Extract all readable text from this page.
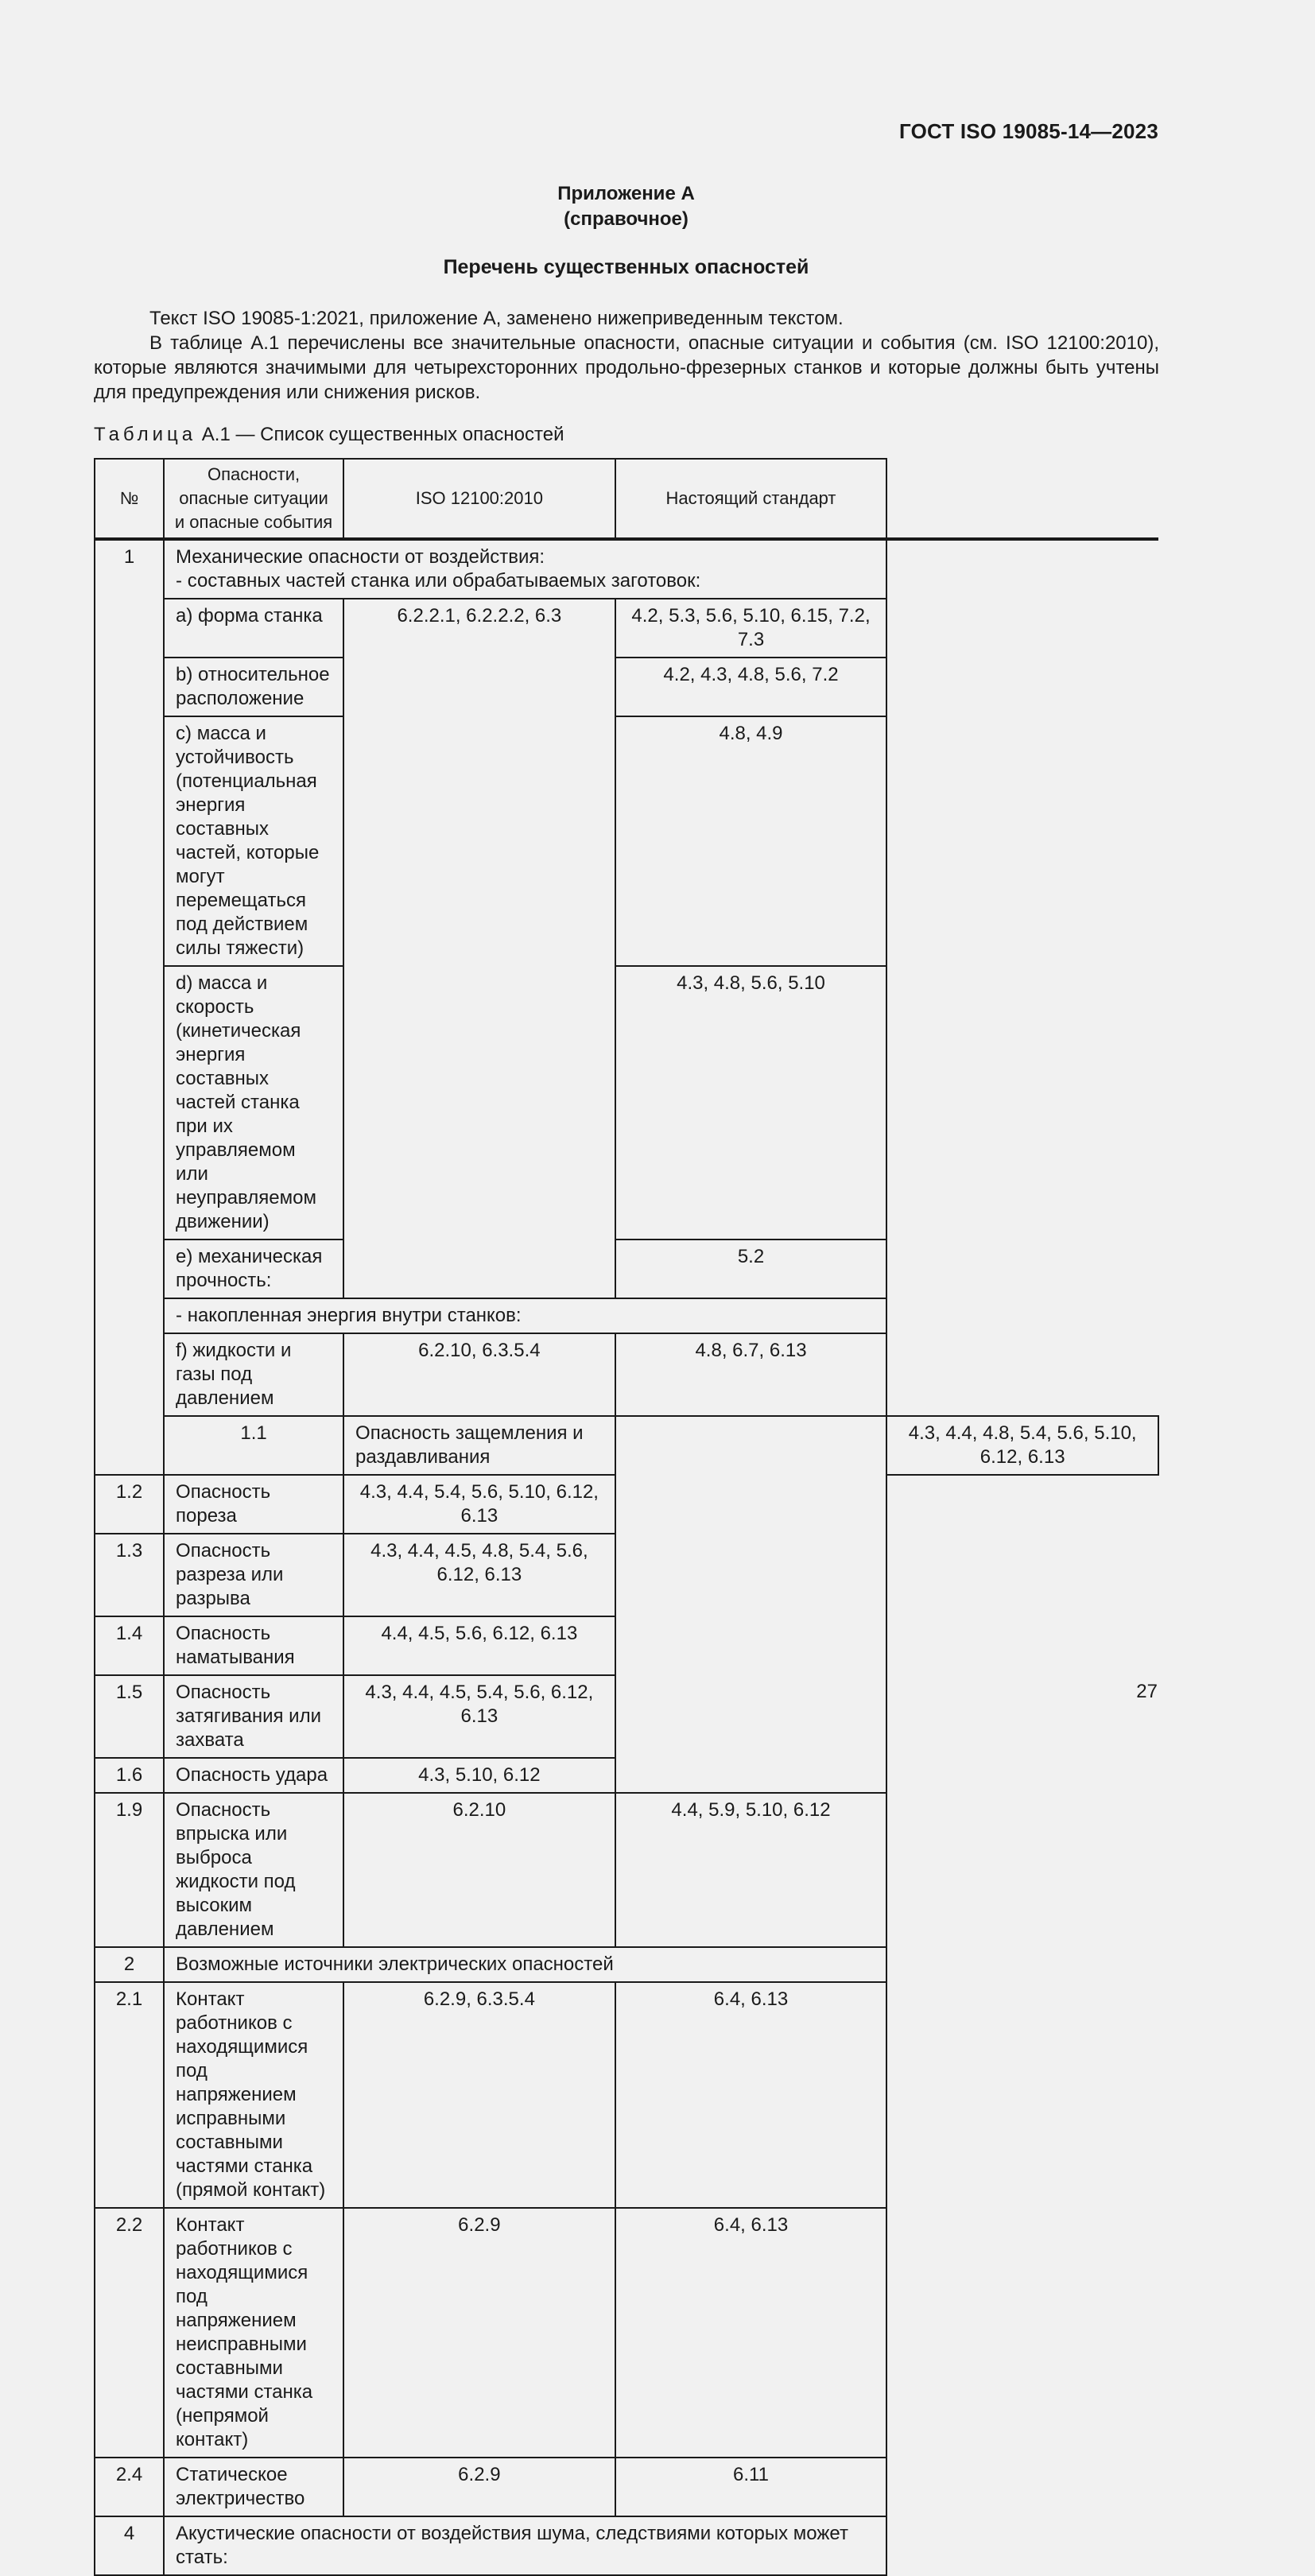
ГОСТ ISO 19085-14—2023
Приложение А
(справочное)
Перечень существенных опасностей

Текст ISO 19085-1:2021, приложение А, заменено нижеприведенным текстом.

В таблице А.1 перечислены все значительные опасности, опасные ситуации и события (см. ISO 12100:2010), которые являются значимыми для четырехсторонних продольно-фрезерных станков и которые должны быть учтены для предупреждения или снижения рисков.

Таблица А.1 — Список существенных опасностей
№	Опасности, опасные ситуации и опасные события	ISO 12100:2010	Настоящий стандарт	
1	Механические опасности от воздействия:
- составных частей станка или обрабатываемых заготовок:			

	а) форма станка	6.2.2.1, 6.2.2.2, 6.3	4.2, 5.3, 5.6, 5.10, 6.15, 7.2, 7.3	
	b) относительное расположение		4.2, 4.3, 4.8, 5.6, 7.2	
	с) масса и устойчивость (потенциальная энергия составных частей, которые могут перемещаться под действием силы тяжести)		4.8, 4.9	
	d) масса и скорость (кинетическая энергия составных частей станка при их управляемом или неуправляемом движении)		4.3, 4.8, 5.6, 5.10	
	е) механическая прочность:		5.2	
	- накопленная энергия внутри станков:			
	f) жидкости и газы под давлением	6.2.10, 6.3.5.4	4.8, 6.7, 6.13	
	1.1	Опасность защемления и раздавливания		4.3, 4.4, 4.8, 5.4, 5.6, 5.10, 6.12, 6.13
1.2	Опасность пореза	4.3, 4.4, 5.4, 5.6, 5.10, 6.12, 6.13		
1.3	Опасность разреза или разрыва	4.3, 4.4, 4.5, 4.8, 5.4, 5.6, 6.12, 6.13		
1.4	Опасность наматывания	4.4, 4.5, 5.6, 6.12, 6.13		
1.5	Опасность затягивания или захвата	4.3, 4.4, 4.5, 5.4, 5.6, 6.12, 6.13		
1.6	Опасность удара	4.3, 5.10, 6.12		
1.9	Опасность впрыска или выброса жидкости под высоким давлением	6.2.10	4.4, 5.9, 5.10, 6.12	
2	Возможные источники электрических опасностей			
2.1	Контакт работников с находящимися под напряжением исправными составными частями станка (прямой контакт)	6.2.9, 6.3.5.4	6.4, 6.13	
2.2	Контакт работников с находящимися под напряжением неисправными составными частями станка (непрямой контакт)	6.2.9	6.4, 6.13	
2.4	Статическое электричество	6.2.9	6.11	
4	Акустические опасности от воздействия шума, следствиями которых может стать:			
27
